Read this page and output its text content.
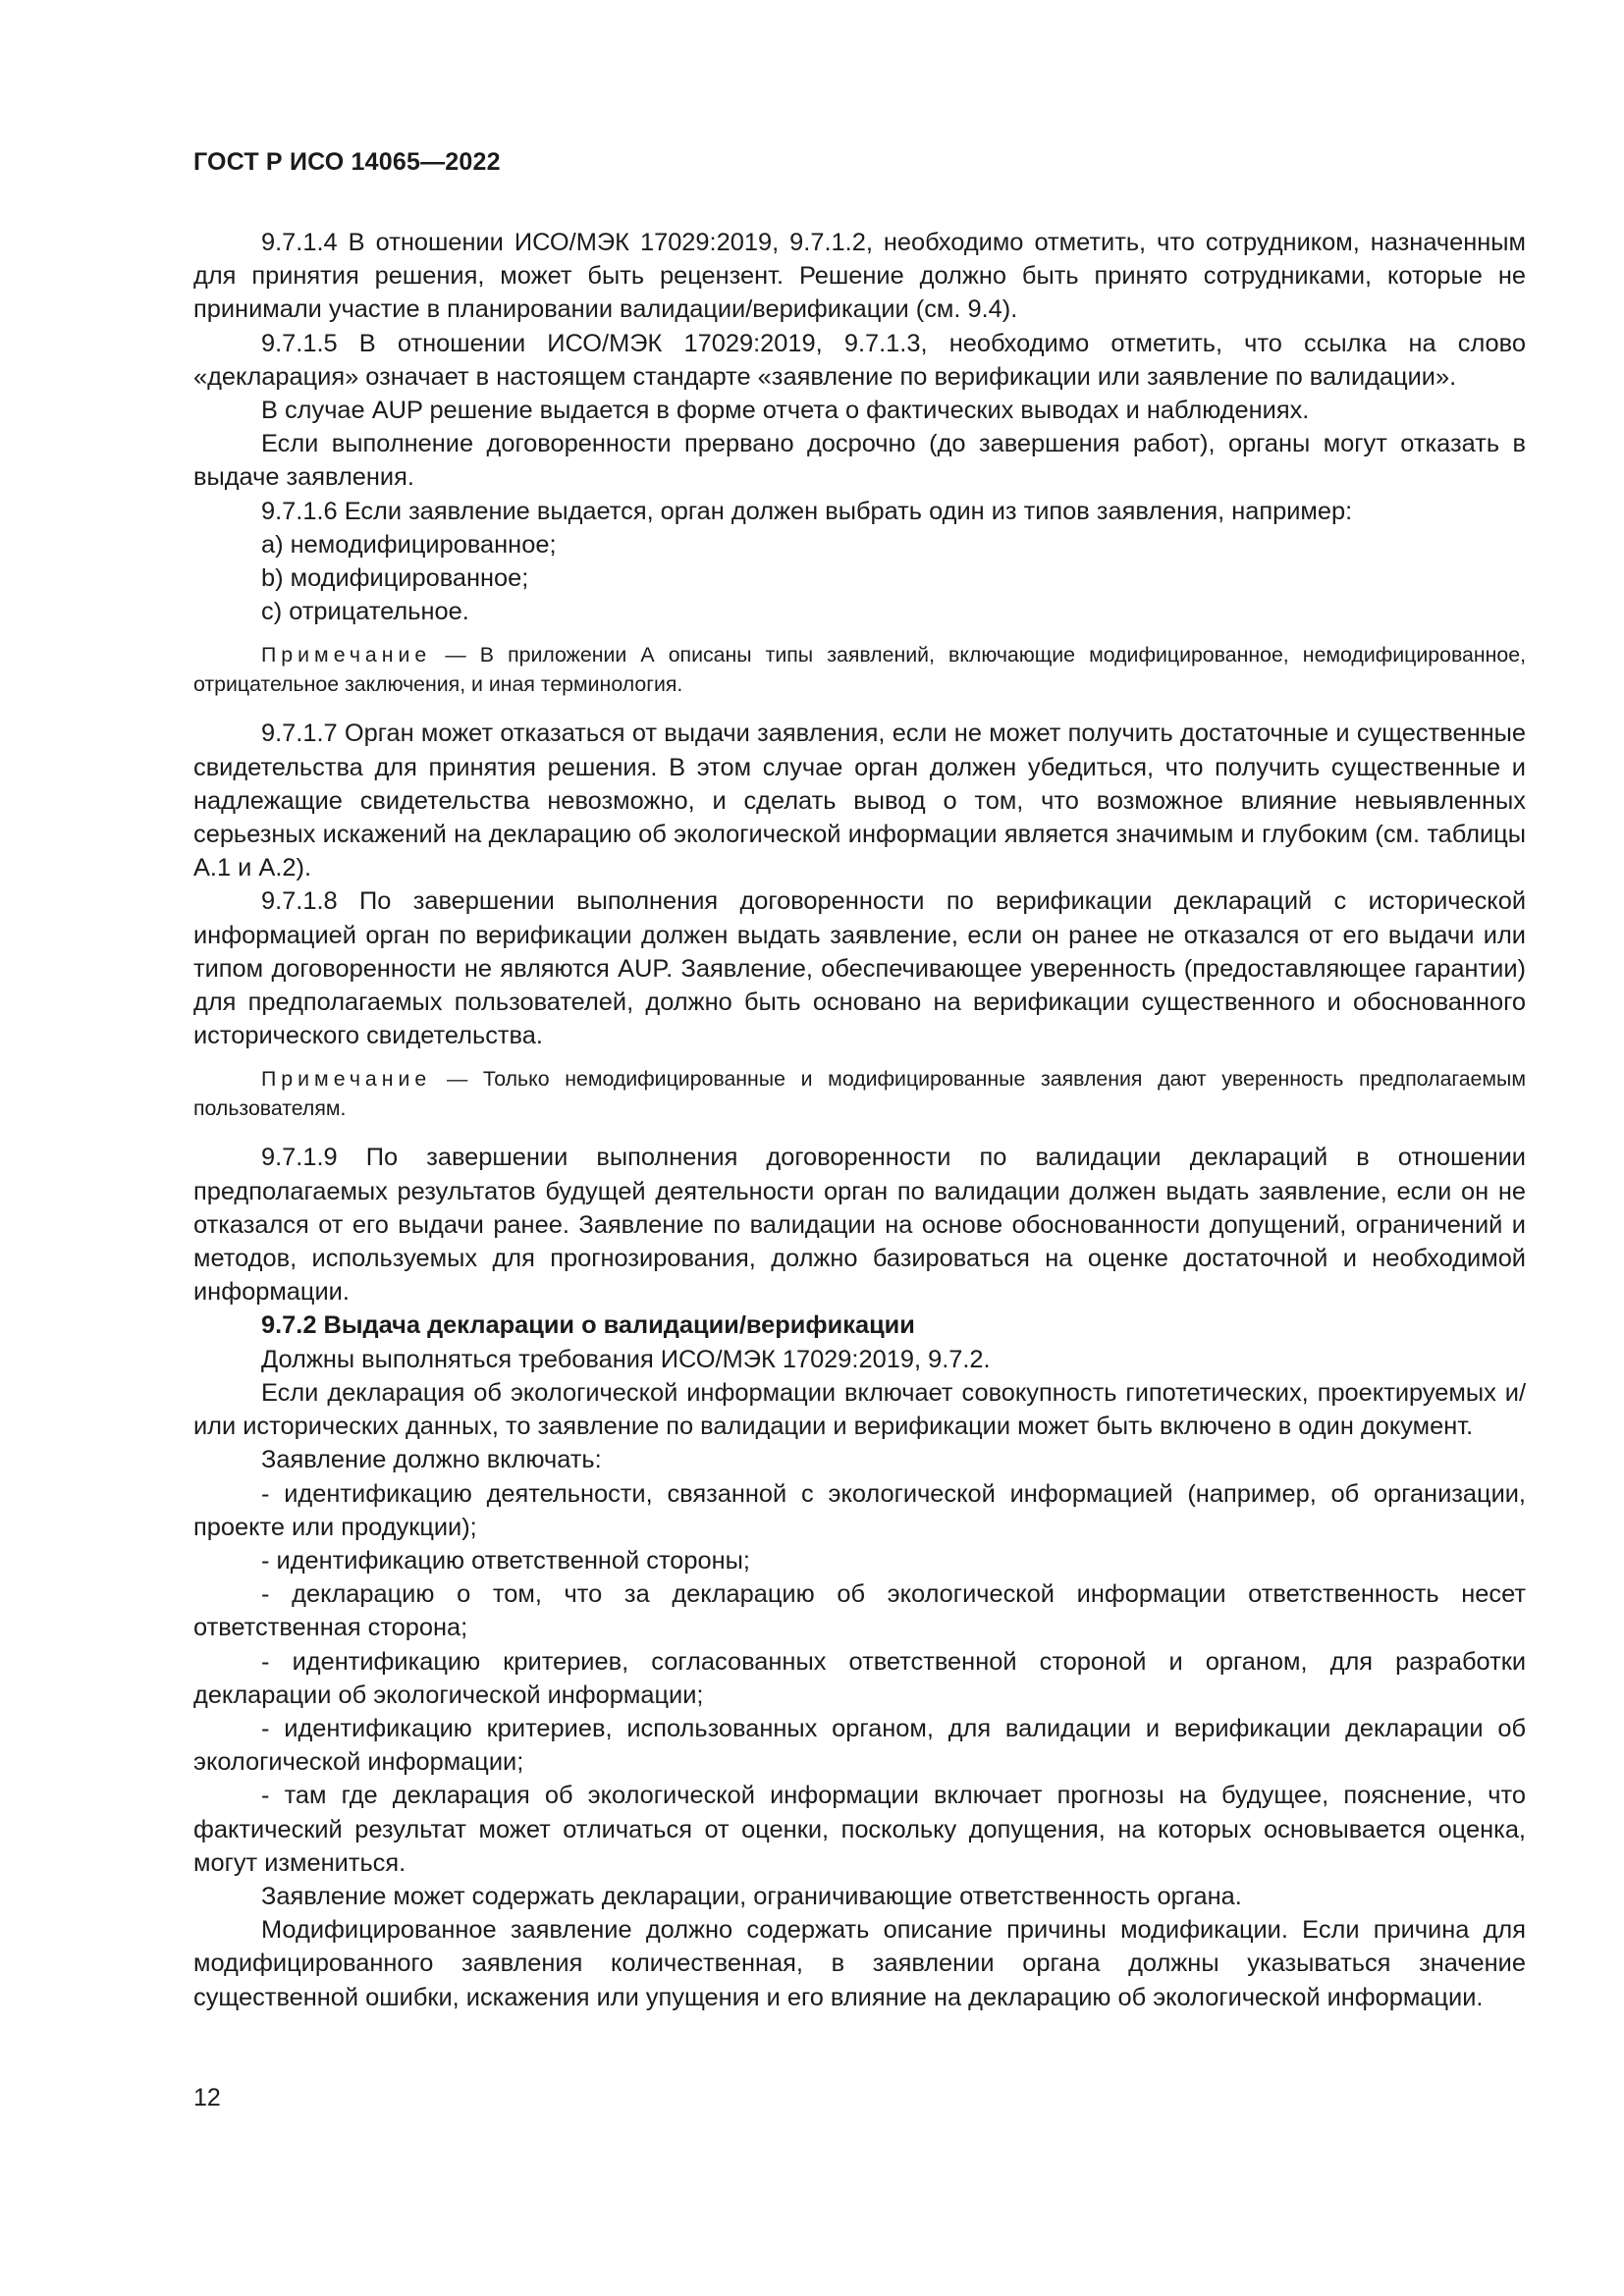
ГОСТ Р ИСО 14065—2022

9.7.1.4 В отношении ИСО/МЭК 17029:2019, 9.7.1.2, необходимо отметить, что сотрудником, назначенным для принятия решения, может быть рецензент. Решение должно быть принято сотрудниками, которые не принимали участие в планировании валидации/верификации (см. 9.4).

9.7.1.5 В отношении ИСО/МЭК 17029:2019, 9.7.1.3, необходимо отметить, что ссылка на слово «декларация» означает в настоящем стандарте «заявление по верификации или заявление по валидации».

В случае AUP решение выдается в форме отчета о фактических выводах и наблюдениях.

Если выполнение договоренности прервано досрочно (до завершения работ), органы могут отказать в выдаче заявления.

9.7.1.6 Если заявление выдается, орган должен выбрать один из типов заявления, например:

a) немодифицированное;

b) модифицированное;

c) отрицательное.

Примечание — В приложении А описаны типы заявлений, включающие модифицированное, немодифицированное, отрицательное заключения, и иная терминология.

9.7.1.7 Орган может отказаться от выдачи заявления, если не может получить достаточные и существенные свидетельства для принятия решения. В этом случае орган должен убедиться, что получить существенные и надлежащие свидетельства невозможно, и сделать вывод о том, что возможное влияние невыявленных серьезных искажений на декларацию об экологической информации является значимым и глубоким (см. таблицы А.1 и А.2).

9.7.1.8 По завершении выполнения договоренности по верификации деклараций с исторической информацией орган по верификации должен выдать заявление, если он ранее не отказался от его выдачи или типом договоренности не являются AUP. Заявление, обеспечивающее уверенность (предоставляющее гарантии) для предполагаемых пользователей, должно быть основано на верификации существенного и обоснованного исторического свидетельства.

Примечание — Только немодифицированные и модифицированные заявления дают уверенность предполагаемым пользователям.

9.7.1.9 По завершении выполнения договоренности по валидации деклараций в отношении предполагаемых результатов будущей деятельности орган по валидации должен выдать заявление, если он не отказался от его выдачи ранее. Заявление по валидации на основе обоснованности допущений, ограничений и методов, используемых для прогнозирования, должно базироваться на оценке достаточной и необходимой информации.

9.7.2 Выдача декларации о валидации/верификации

Должны выполняться требования ИСО/МЭК 17029:2019, 9.7.2.

Если декларация об экологической информации включает совокупность гипотетических, проектируемых и/или исторических данных, то заявление по валидации и верификации может быть включено в один документ.

Заявление должно включать:

- идентификацию деятельности, связанной с экологической информацией (например, об организации, проекте или продукции);

- идентификацию ответственной стороны;

- декларацию о том, что за декларацию об экологической информации ответственность несет ответственная сторона;

- идентификацию критериев, согласованных ответственной стороной и органом, для разработки декларации об экологической информации;

- идентификацию критериев, использованных органом, для валидации и верификации декларации об экологической информации;

- там где декларация об экологической информации включает прогнозы на будущее, пояснение, что фактический результат может отличаться от оценки, поскольку допущения, на которых основывается оценка, могут измениться.

Заявление может содержать декларации, ограничивающие ответственность органа.

Модифицированное заявление должно содержать описание причины модификации. Если причина для модифицированного заявления количественная, в заявлении органа должны указываться значение существенной ошибки, искажения или упущения и его влияние на декларацию об экологической информации.

12
